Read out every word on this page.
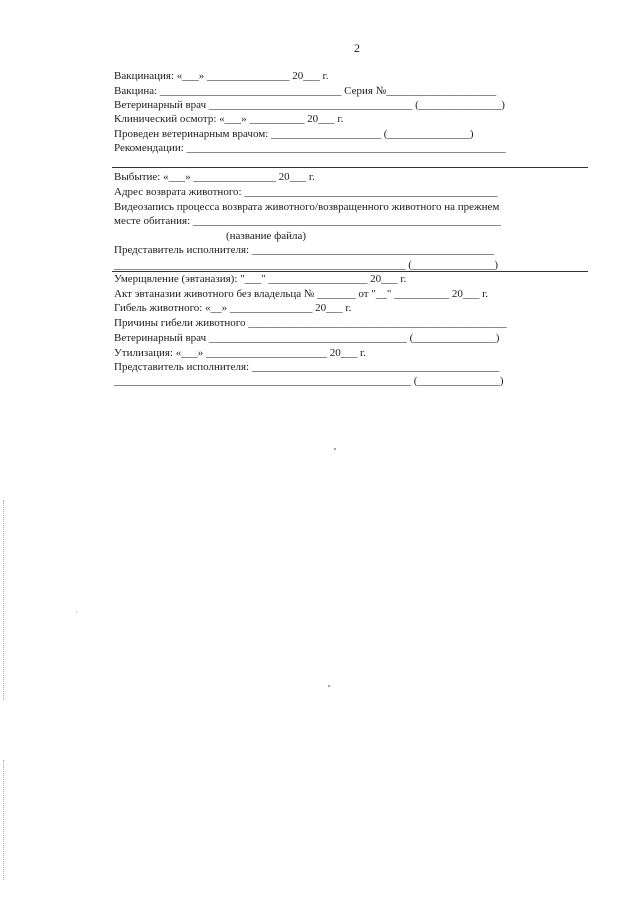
2
Вакцинация: «___» _______________ 20___ г.
Вакцина: _________________________________ Серия №____________________
Ветеринарный врач _____________________________________ (_______________)
Клинический осмотр: «___» __________ 20___ г.
Проведен ветеринарным врачом: ____________________ (_______________)
Рекомендации: __________________________________________________________
Выбытие: «___» _______________ 20___ г.
Адрес возврата животного: ______________________________________________
Видеозапись процесса возврата животного/возвращенного животного на прежнем
месте обитания: ________________________________________________________
(название файла)
Представитель исполнителя: ____________________________________________
_____________________________________________________ (_______________)
Умерщвление (эвтаназия): "___" __________________ 20___ г.
Акт эвтаназии животного без владельца № _______ от "__" __________ 20___ г.
Гибель животного: «__» _______________ 20___ г.
Причины гибели животного _______________________________________________
Ветеринарный врач ____________________________________ (_______________)
Утилизация: «___» ______________________ 20___ г.
Представитель исполнителя: _____________________________________________
______________________________________________________ (_______________)
